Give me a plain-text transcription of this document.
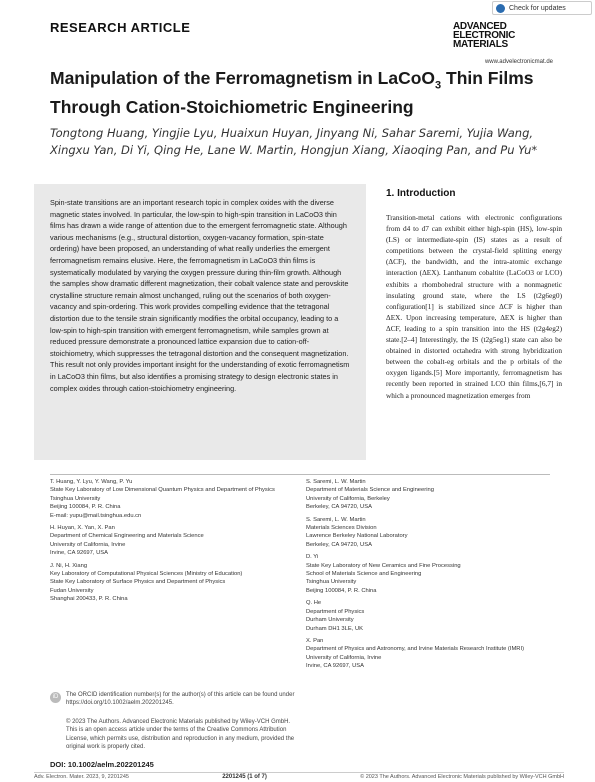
Check for updates
RESEARCH ARTICLE	ADVANCED
ELECTRONIC
MATERIALS
www.advelectronicmat.de
Manipulation of the Ferromagnetism in LaCoO$_3$ Thin Films Through Cation-Stoichiometric Engineering
Tongtong Huang, Yingjie Lyu, Huaixun Huyan, Jinyang Ni, Sahar Saremi, Yujia Wang, Xingxu Yan, Di Yi, Qing He, Lane W. Martin, Hongjun Xiang, Xiaoqing Pan, and Pu Yu*

Spin-state transitions are an important research topic in complex oxides with the diverse magnetic states involved. In particular, the low-spin to high-spin transition in LaCoO3 thin films has drawn a wide range of attention due to the emergent ferromagnetic state. Although various mechanisms (e.g., structural distortion, oxygen-vacancy formation, spin-state ordering) have been proposed, an understanding of what really underlies the emergent ferromagnetism remains elusive. Here, the ferromagnetism in LaCoO3 thin films is systematically modulated by varying the oxygen pressure during thin-film growth. Although the samples show dramatic different magnetization, their cobalt valence state and perovskite crystalline structure remain almost unchanged, ruling out the scenarios of both oxygen-vacancy and spin-ordering. This work provides compelling evidence that the tetragonal distortion due to the tensile strain significantly modifies the orbital occupancy, leading to a low-spin to high-spin transition with emergent ferromagnetism, while samples grown at reduced pressure demonstrate a pronounced lattice expansion due to cation-off-stoichiometry, which suppresses the tetragonal distortion and the consequent magnetization. This result not only provides important insight for the understanding of exotic ferromagnetism in LaCoO3 thin films, but also identifies a promising strategy to design electronic states in complex oxides through cation-stoichiometry engineering.

1. Introduction
Transition-metal cations with electronic configurations from d4 to d7 can exhibit either high-spin (HS), low-spin (LS) or intermediate-spin (IS) states as a result of competitions between the crystal-field splitting energy (ΔCF), the bandwidth, and the intra-atomic exchange interaction (ΔEX). Lanthanum cobaltite (LaCoO3 or LCO) exhibits a rhombohedral structure with a nonmagnetic insulating ground state, where the LS (t2g6eg0) configuration[1] is stabilized since ΔCF is higher than ΔEX. Upon increasing temperature, ΔEX is higher than ΔCF, leading to a spin transition into the HS (t2g4eg2) state.[2–4] Interestingly, the IS (t2g5eg1) state can also be obtained in distorted octahedra with strong hybridization between the cobalt-eg orbitals and the p orbitals of the oxygen ligands.[5] More importantly, ferromagnetism has recently been reported in strained LCO thin films,[6,7] in which a pronounced magnetization emerges from
T. Huang, Y. Lyu, Y. Wang, P. Yu
State Key Laboratory of Low Dimensional Quantum Physics and Department of Physics
Tsinghua University
Beijing 100084, P. R. China
E-mail: yupu@mail.tsinghua.edu.cn
H. Huyan, X. Yan, X. Pan
Department of Chemical Engineering and Materials Science
University of California, Irvine
Irvine, CA 92697, USA
J. Ni, H. Xiang
Key Laboratory of Computational Physical Sciences (Ministry of Education)
State Key Laboratory of Surface Physics and Department of Physics
Fudan University
Shanghai 200433, P. R. China
S. Saremi, L. W. Martin
Department of Materials Science and Engineering
University of California, Berkeley
Berkeley, CA 94720, USA
S. Saremi, L. W. Martin
Materials Sciences Division
Lawrence Berkeley National Laboratory
Berkeley, CA 94720, USA
D. Yi
State Key Laboratory of New Ceramics and Fine Processing
School of Materials Science and Engineering
Tsinghua University
Beijing 100084, P. R. China
Q. He
Department of Physics
Durham University
Durham DH1 3LE, UK
X. Pan
Department of Physics and Astronomy, and Irvine Materials Research Institute (IMRI)
University of California, Irvine
Irvine, CA 92697, USA
iD	The ORCID identification number(s) for the author(s) of this article can be found under https://doi.org/10.1002/aelm.202201245.
© 2023 The Authors. Advanced Electronic Materials published by Wiley-VCH GmbH. This is an open access article under the terms of the Creative Commons Attribution License, which permits use, distribution and reproduction in any medium, provided the original work is properly cited.
DOI: 10.1002/aelm.202201245
Adv. Electron. Mater. 2023, 9, 2201245	2201245 (1 of 7)	© 2023 The Authors. Advanced Electronic Materials published by Wiley-VCH GmbH
